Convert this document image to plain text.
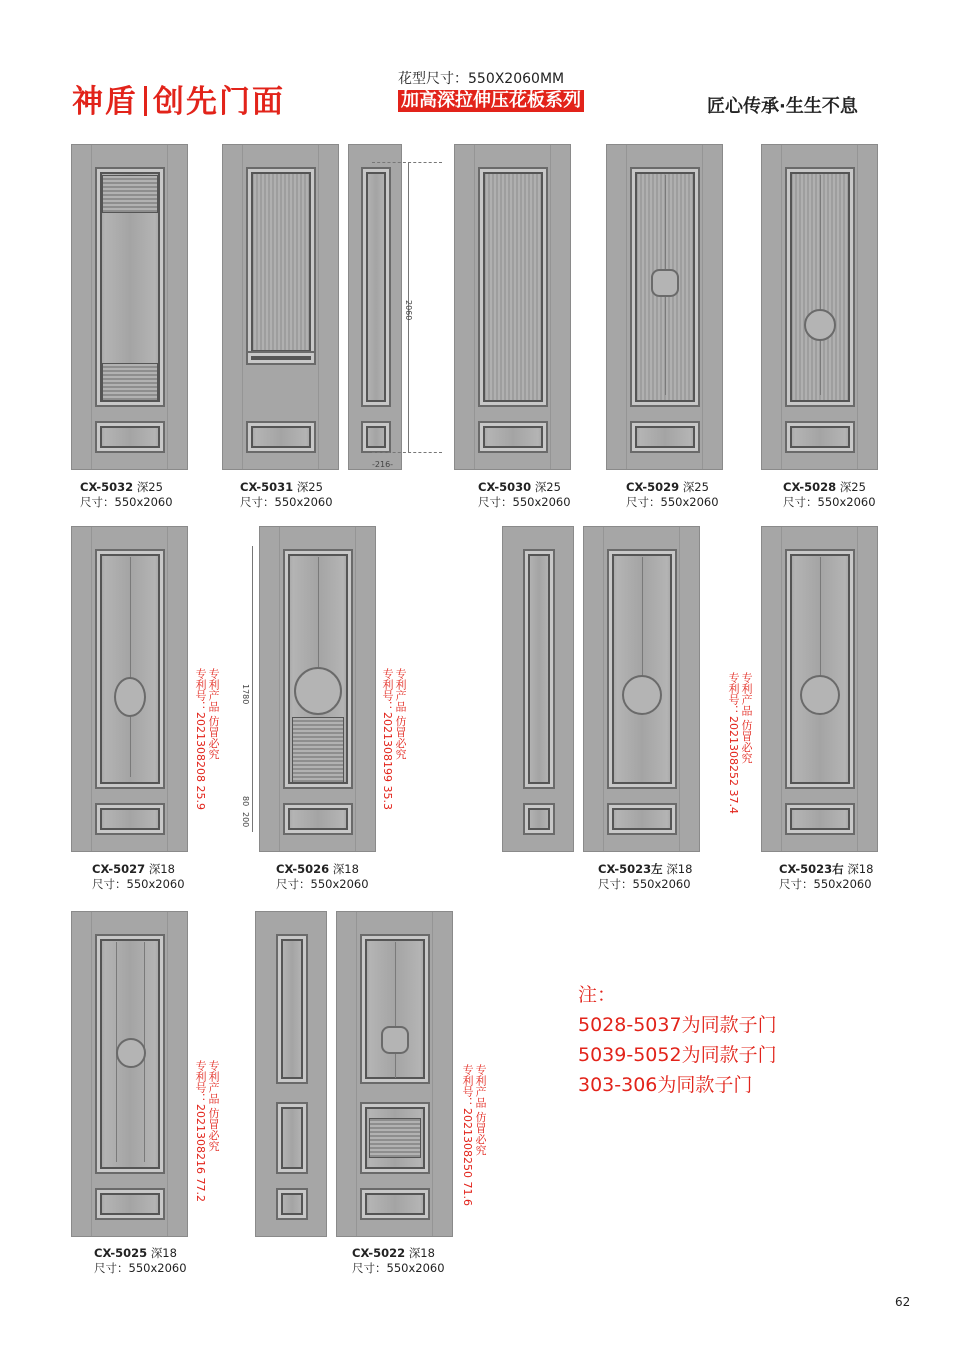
神盾 创先门面
花型尺寸：550X2060MM
加高深拉伸压花板系列	匠心传承·生生不息
CX-5032 深25
尺寸：550x2060
2060
-216-
CX-5031 深25
尺寸：550x2060
CX-5030 深25
尺寸：550x2060
CX-5029 深25
尺寸：550x2060
CX-5028 深25
尺寸：550x2060
专利产品 仿冒必究
专利号：2021308208 25.9
CX-5027 深18
尺寸：550x2060
1780
80
200
专利产品 仿冒必究
专利号：2021308199 35.3
CX-5026 深18
尺寸：550x2060
专利产品 仿冒必究
专利号：2021308252 37.4
CX-5023左 深18
尺寸：550x2060
CX-5023右 深18
尺寸：550x2060
专利产品 仿冒必究
专利号：2021308216 77.2
CX-5025 深18
尺寸：550x2060
专利产品 仿冒必究
专利号：2021308250 71.6
CX-5022 深18
尺寸：550x2060
注：
5028-5037为同款子门
5039-5052为同款子门
303-306为同款子门
62
